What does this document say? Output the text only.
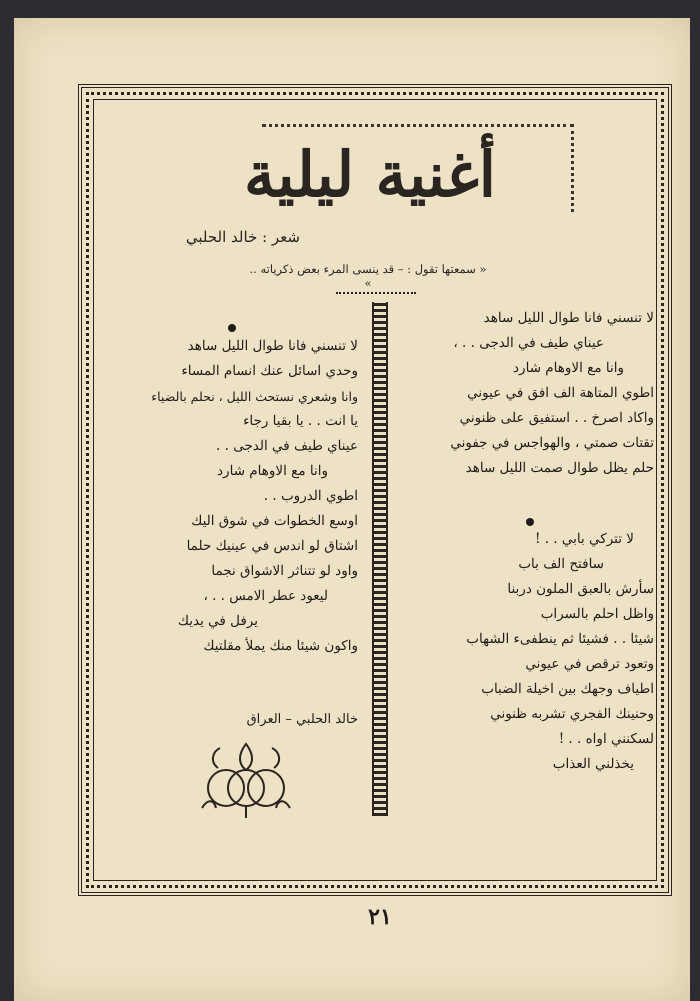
أغنية ليلية
شعر : خالد الحلبي
« سمعتها تقول : – قد ينسى المرء بعض ذكرياته .. »
لا تنسني فانا طوال الليل ساهد
عيناي طيف في الدجى . . ،
وانا مع الاوهام شارد
اطوي المتاهة الف افق في عيوني
واكاد اصرخ . . استفيق على ظنوني
تقتات صمتي ، والهواجس في جفوني
حلم يظل طوال صمت الليل ساهد
لا تتركي بابي . . !
سافتح الف باب
سأرش بالعبق الملون دربنا
واظل احلم بالسراب
شيئا . . فشيئا ثم ينطفىء الشهاب
وتعود ترقص في عيوني
اطياف وجهك بين اخيلة الضباب
وحنينك الفجري تشربه ظنوني
لسكنني اواه . . !
يخذلني العذاب
لا تنسني فانا طوال الليل ساهد
وحدي اسائل عنك انسام المساء
وانا وشعري نستحث الليل ، نحلم بالضياء
يا انت . . يا بقيا رجاء
عيناي طيف في الدجى . .
وانا مع الاوهام شارد
اطوي الدروب . .
اوسع الخطوات في شوق اليك
اشتاق لو اندس في عينيك حلما
واود لو تتناثر الاشواق نجما
ليعود عطر الامس . . ،
يرفل في يديك
واكون شيئا منك يملأ مقلتيك
خالد الحلبي – العراق
٢١
